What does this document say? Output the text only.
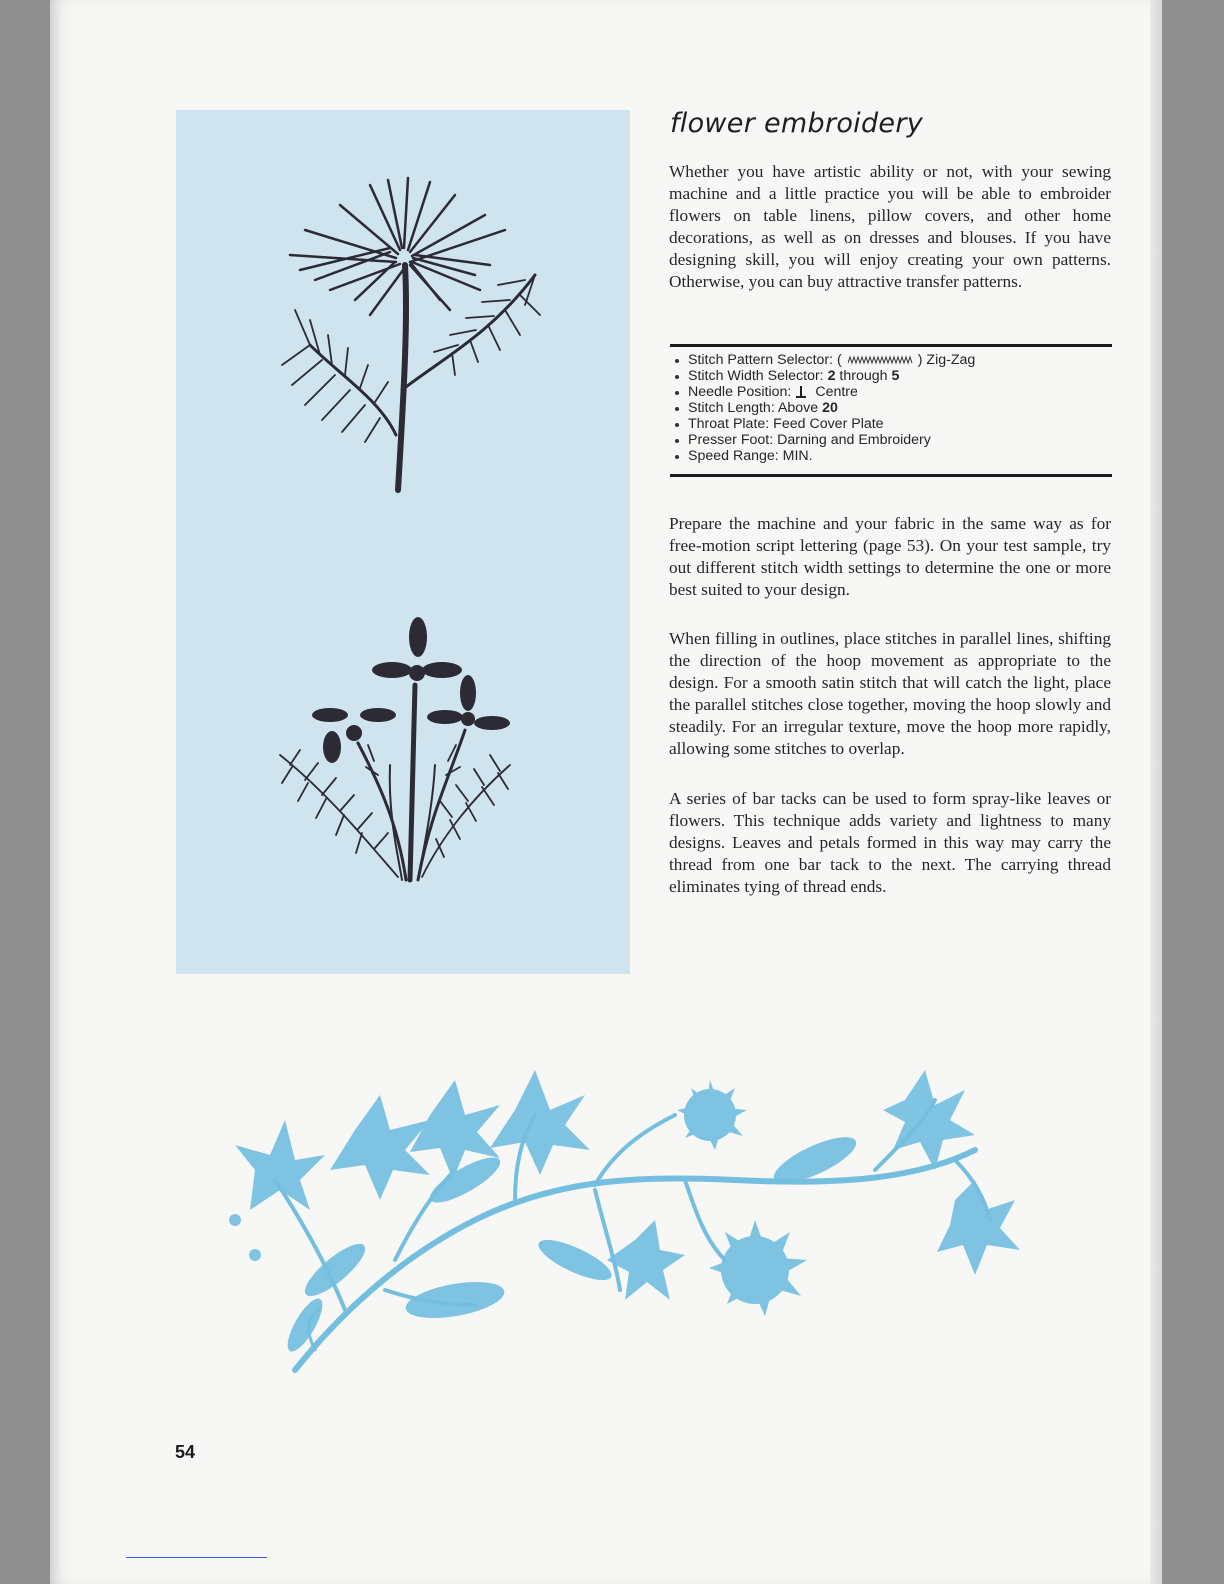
flower embroidery

Whether you have artistic ability or not, with your sewing machine and a little practice you will be able to embroider flowers on table linens, pillow covers, and other home decorations, as well as on dresses and blouses. If you have designing skill, you will enjoy creating your own patterns. Otherwise, you can buy attractive transfer patterns.

Stitch Pattern Selector: (	) Zig-Zag
Stitch Width Selector: 2 through 5
Needle Position: Centre
Stitch Length: Above 20
Throat Plate: Feed Cover Plate
Presser Foot: Darning and Embroidery
Speed Range: MIN.

Prepare the machine and your fabric in the same way as for free-motion script lettering (page 53). On your test sample, try out different stitch width settings to determine the one or more best suited to your design.

When filling in outlines, place stitches in parallel lines, shifting the direction of the hoop movement as appropriate to the design. For a smooth satin stitch that will catch the light, place the parallel stitches close together, moving the hoop slowly and steadily. For an irregular texture, move the hoop more rapidly, allowing some stitches to overlap.

A series of bar tacks can be used to form spray-like leaves or flowers. This technique adds variety and lightness to many designs. Leaves and petals formed in this way may carry the thread from one bar tack to the next. The carrying thread eliminates tying of thread ends.

54
